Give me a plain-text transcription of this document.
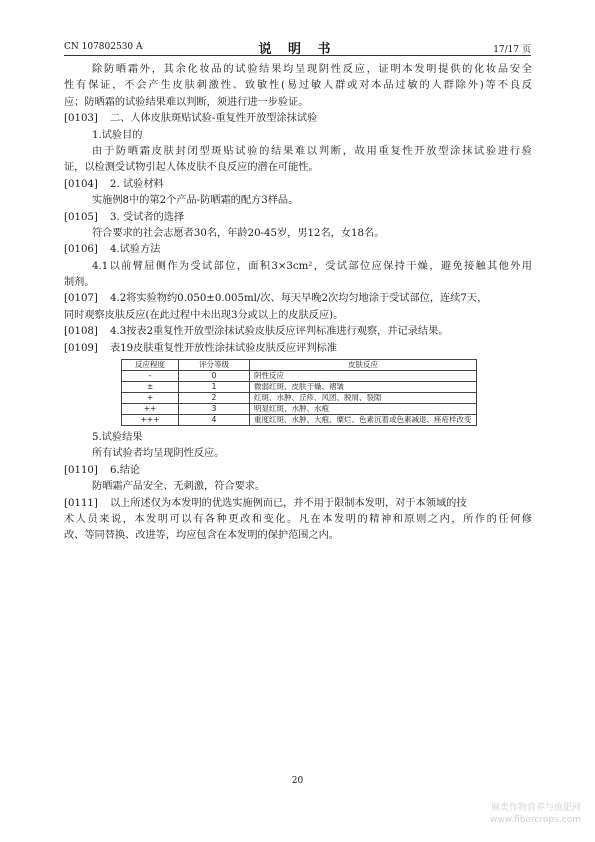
CN 107802530 A	说 明 书	17/17 页
除防晒霜外，其余化妆品的试验结果均呈现阴性反应，证明本发明提供的化妆品安全
性有保证，不会产生皮肤刺激性、致敏性(易过敏人群或对本品过敏的人群除外)等不良反
应；防晒霜的试验结果难以判断，须进行进一步验证。
[0103] 二、人体皮肤斑贴试验-重复性开放型涂抹试验
1.试验目的
由于防晒霜皮肤封闭型斑贴试验的结果难以判断，故用重复性开放型涂抹试验进行验
证，以检测受试物引起人体皮肤不良反应的潜在可能性。
[0104] 2. 试验材料
实施例8中的第2个产品-防晒霜的配方3样品。
[0105] 3. 受试者的选择
符合要求的社会志愿者30名，年龄20-45岁，男12名，女18名。
[0106] 4.试验方法
4.1以前臂屈侧作为受试部位，面积3×3cm²，受试部位应保持干燥，避免接触其他外用
制剂。
[0107] 4.2将实验物约0.050±0.005ml/次、每天早晚2次均匀地涂于受试部位，连续7天，
同时观察皮肤反应(在此过程中未出现3分或以上的皮肤反应)。
[0108] 4.3按表2重复性开放型涂抹试验皮肤反应评判标准进行观察，并记录结果。
[0109] 表19皮肤重复性开放性涂抹试验皮肤反应评判标准
反应程度	评分等级	皮肤反应
-	0	阴性反应
±	1	微弱红斑、皮肤干燥、褶皱
+	2	红斑、水肿、丘疹、风团、脱屑、裂隙
++	3	明显红斑、水肿、水疱
+++	4	重度红斑、水肿、大疱、糜烂、色素沉着或色素减退、痤疮样改变
5.试验结果
所有试验者均呈现阴性反应。
[0110] 6.结论
防晒霜产品安全、无刺激，符合要求。
[0111] 以上所述仅为本发明的优选实施例而已，并不用于限制本发明，对于本领域的技
术人员来说，本发明可以有各种更改和变化。凡在本发明的精神和原则之内，所作的任何修
改、等同替换、改进等，均应包含在本发明的保护范围之内。
20
麻类作物营养与施肥网
www.fibercrops.com
